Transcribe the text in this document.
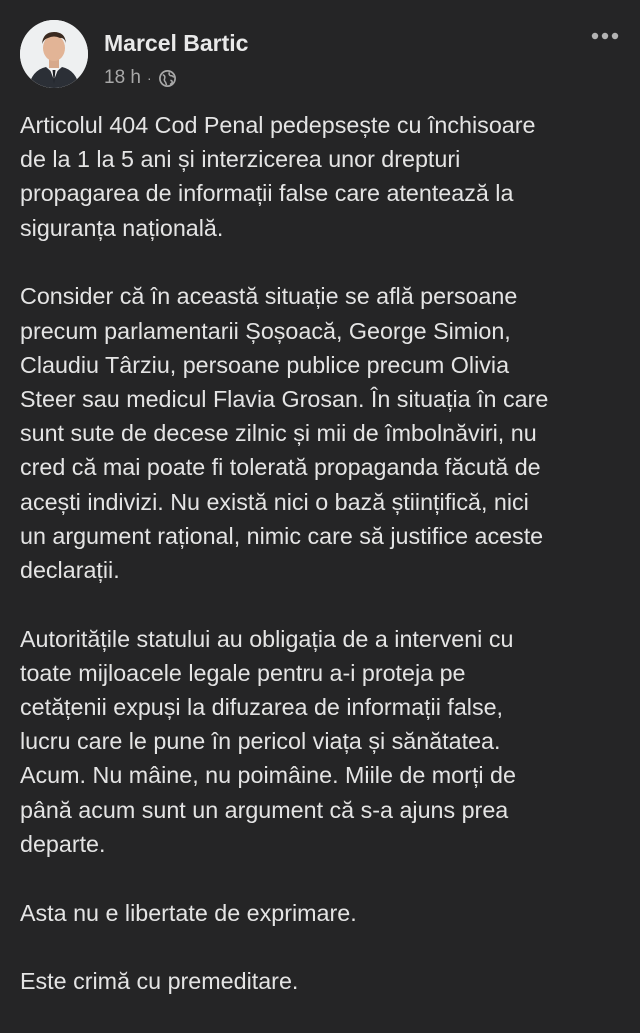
Marcel Bartic
18 h ·
Articolul 404 Cod Penal pedepsește cu închisoare
de la 1 la 5 ani și interzicerea unor drepturi
propagarea de informații false care atentează la
siguranța națională.
Consider că în această situație se află persoane
precum parlamentarii Șoșoacă, George Simion,
Claudiu Târziu, persoane publice precum Olivia
Steer sau medicul Flavia Grosan. În situația în care
sunt sute de decese zilnic și mii de îmbolnăviri, nu
cred că mai poate fi tolerată propaganda făcută de
acești indivizi. Nu există nici o bază științifică, nici
un argument rațional, nimic care să justifice aceste
declarații.
Autoritățile statului au obligația de a interveni cu
toate mijloacele legale pentru a-i proteja pe
cetățenii expuși la difuzarea de informații false,
lucru care le pune în pericol viața și sănătatea.
Acum. Nu mâine, nu poimâine. Miile de morți de
până acum sunt un argument că s-a ajuns prea
departe.
Asta nu e libertate de exprimare.
Este crimă cu premeditare.
